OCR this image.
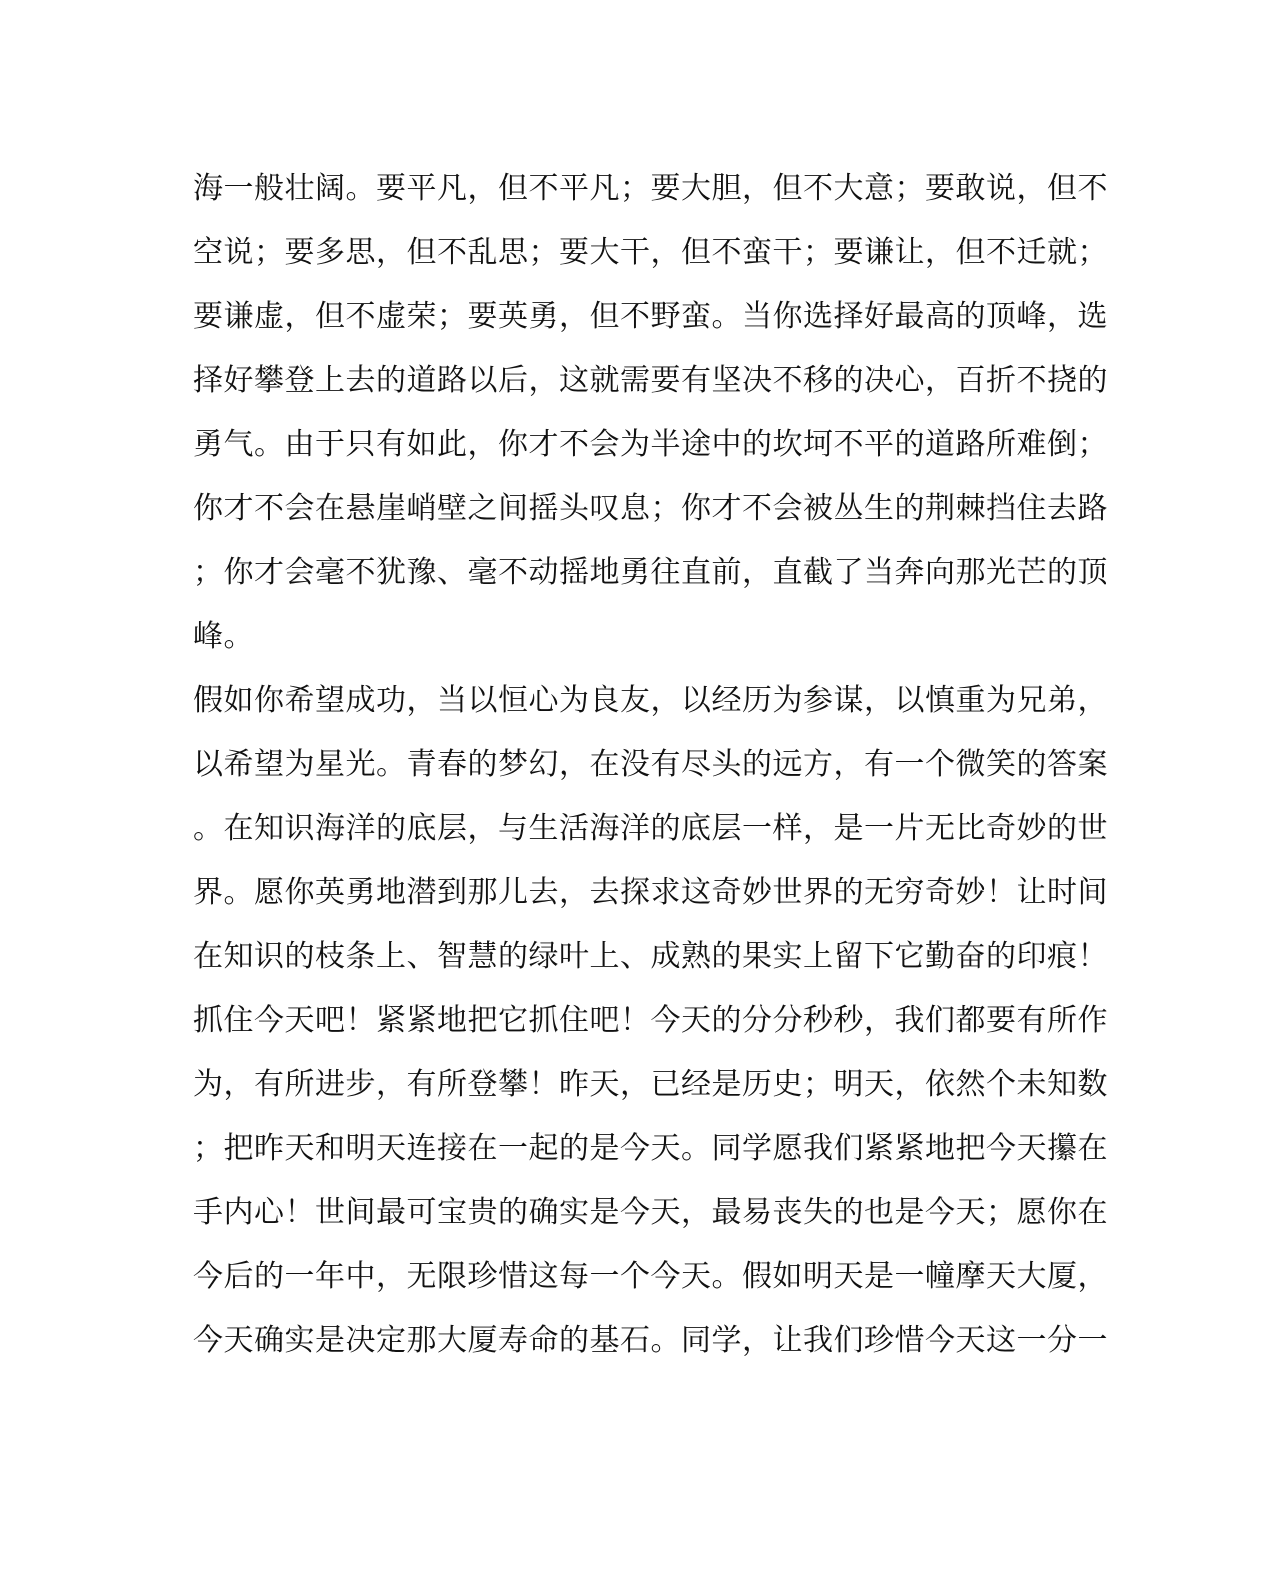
海一般壮阔。要平凡，但不平凡；要大胆，但不大意；要敢说，但不
空说；要多思，但不乱思；要大干，但不蛮干；要谦让，但不迁就；
要谦虚，但不虚荣；要英勇，但不野蛮。当你选择好最高的顶峰，选
择好攀登上去的道路以后，这就需要有坚决不移的决心，百折不挠的
勇气。由于只有如此，你才不会为半途中的坎坷不平的道路所难倒；
你才不会在悬崖峭壁之间摇头叹息；你才不会被丛生的荆棘挡住去路
；你才会毫不犹豫、毫不动摇地勇往直前，直截了当奔向那光芒的顶
峰。
假如你希望成功，当以恒心为良友，以经历为参谋，以慎重为兄弟，
以希望为星光。青春的梦幻，在没有尽头的远方，有一个微笑的答案
。在知识海洋的底层，与生活海洋的底层一样，是一片无比奇妙的世
界。愿你英勇地潜到那儿去，去探求这奇妙世界的无穷奇妙！让时间
在知识的枝条上、智慧的绿叶上、成熟的果实上留下它勤奋的印痕！
抓住今天吧！紧紧地把它抓住吧！今天的分分秒秒，我们都要有所作
为，有所进步，有所登攀！昨天，已经是历史；明天，依然个未知数
；把昨天和明天连接在一起的是今天。同学愿我们紧紧地把今天攥在
手内心！世间最可宝贵的确实是今天，最易丧失的也是今天；愿你在
今后的一年中，无限珍惜这每一个今天。假如明天是一幢摩天大厦，
今天确实是决定那大厦寿命的基石。同学，让我们珍惜今天这一分一
